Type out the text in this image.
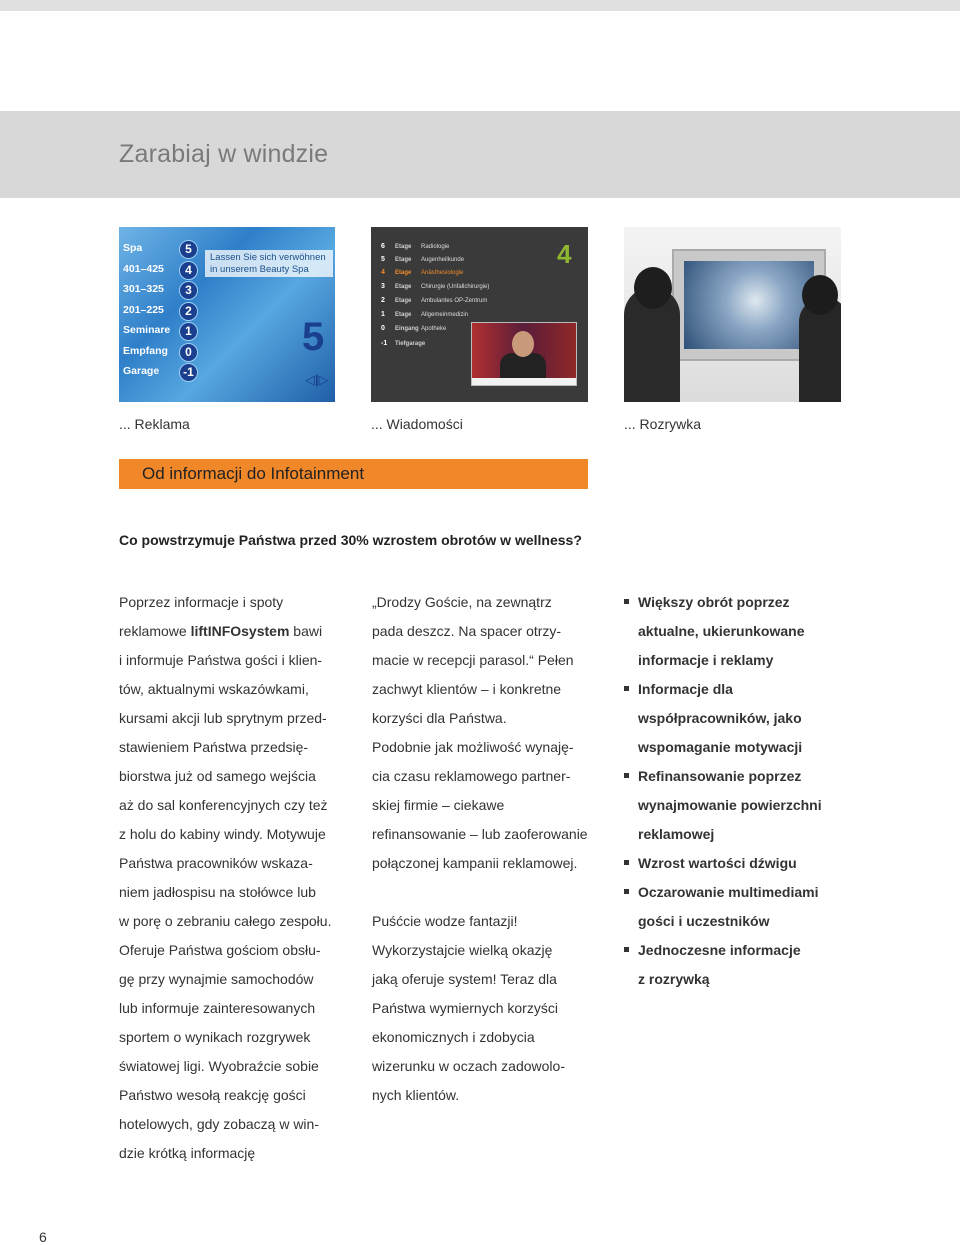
Zarabiaj w windzie
Lassen Sie sich verwöhnen
in unserem Beauty Spa
Spa	5
401–425	4
301–325	3
201–225	2
Seminare	1
Empfang	0
Garage	-1
5
◁|▷
4
6 Etage Radiologie
5 Etage Augenheilkunde
4 Etage Anästhesiologie
3 Etage Chirurgie (Unfallchirurgie)
2 Etage Ambulantes OP-Zentrum
1 Etage Allgemeinmedizin
0 Eingang Apotheke
-1 Tiefgarage
... Reklama	... Wiadomości	... Rozrywka
Od informacji do Infotainment
Co powstrzymuje Państwa przed 30% wzrostem obrotów w wellness?

Poprzez informacje i spoty

reklamowe liftINFOsystem bawi

i informuje Państwa gości i klien-

tów, aktualnymi wskazówkami,

kursami akcji lub sprytnym przed-

stawieniem Państwa przedsię-

biorstwa już od samego wejścia

aż do sal konferencyjnych czy też

z holu do kabiny windy. Motywuje

Państwa pracowników wskaza-

niem jadłospisu na stołówce lub

w porę o zebraniu całego zespołu.

Oferuje Państwa gościom obsłu-

gę przy wynajmie samochodów

lub informuje zainteresowanych

sportem o wynikach rozgrywek

światowej ligi. Wyobraźcie sobie

Państwo wesołą reakcję gości

hotelowych, gdy zobaczą w win-

dzie krótką informację

„Drodzy Goście, na zewnątrz

pada deszcz. Na spacer otrzy-

macie w recepcji parasol.“ Pełen

zachwyt klientów – i konkretne

korzyści dla Państwa.

Podobnie jak możliwość wynaję-

cia czasu reklamowego partner-

skiej firmie – ciekawe

refinansowanie – lub zaoferowanie

połączonej kampanii reklamowej.

Puśćcie wodze fantazji!

Wykorzystajcie wielką okazję

jaką oferuje system! Teraz dla

Państwa wymiernych korzyści

ekonomicznych i zdobycia

wizerunku w oczach zadowolo-

nych klientów.

Większy obrót poprzez

aktualne, ukierunkowane

informacje i reklamy

Informacje dla

współpracowników, jako

wspomaganie motywacji

Refinansowanie poprzez

wynajmowanie powierzchni

reklamowej

Wzrost wartości dźwigu

Oczarowanie multimediami

gości i uczestników

Jednoczesne informacje

z rozrywką

6
